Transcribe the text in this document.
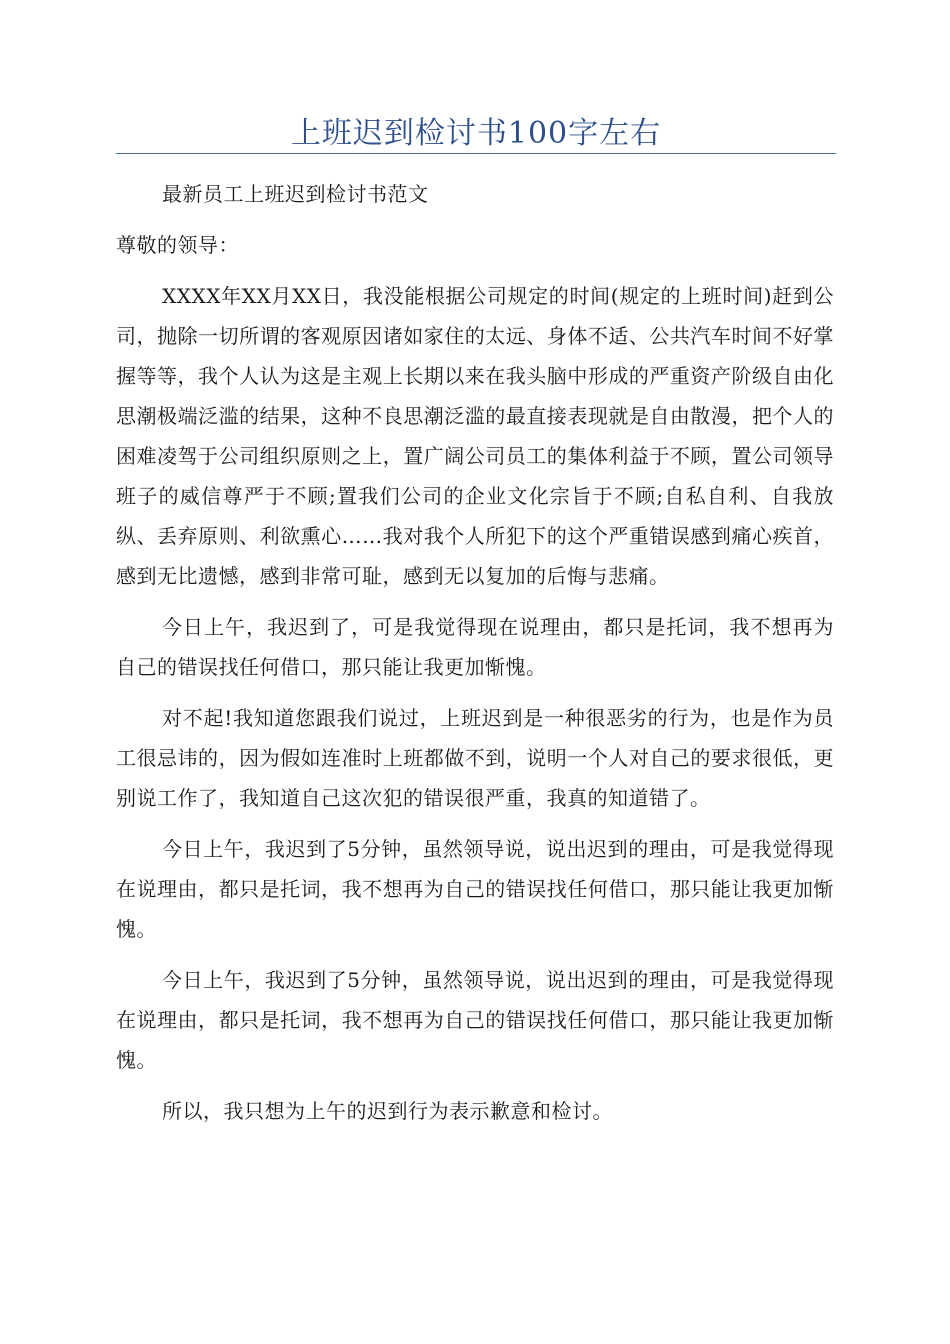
上班迟到检讨书100字左右

最新员工上班迟到检讨书范文

尊敬的领导：

XXXX年XX月XX日，我没能根据公司规定的时间(规定的上班时间)赶到公司，抛除一切所谓的客观原因诸如家住的太远、身体不适、公共汽车时间不好掌握等等，我个人认为这是主观上长期以来在我头脑中形成的严重资产阶级自由化思潮极端泛滥的结果，这种不良思潮泛滥的最直接表现就是自由散漫，把个人的困难凌驾于公司组织原则之上，置广阔公司员工的集体利益于不顾，置公司领导班子的威信尊严于不顾;置我们公司的企业文化宗旨于不顾;自私自利、自我放纵、丢弃原则、利欲熏心……我对我个人所犯下的这个严重错误感到痛心疾首，感到无比遗憾，感到非常可耻，感到无以复加的后悔与悲痛。

今日上午，我迟到了，可是我觉得现在说理由，都只是托词，我不想再为自己的错误找任何借口，那只能让我更加惭愧。

对不起!我知道您跟我们说过，上班迟到是一种很恶劣的行为，也是作为员工很忌讳的，因为假如连准时上班都做不到，说明一个人对自己的要求很低，更别说工作了，我知道自己这次犯的错误很严重，我真的知道错了。

今日上午，我迟到了5分钟，虽然领导说，说出迟到的理由，可是我觉得现在说理由，都只是托词，我不想再为自己的错误找任何借口，那只能让我更加惭愧。

今日上午，我迟到了5分钟，虽然领导说，说出迟到的理由，可是我觉得现在说理由，都只是托词，我不想再为自己的错误找任何借口，那只能让我更加惭愧。

所以，我只想为上午的迟到行为表示歉意和检讨。
